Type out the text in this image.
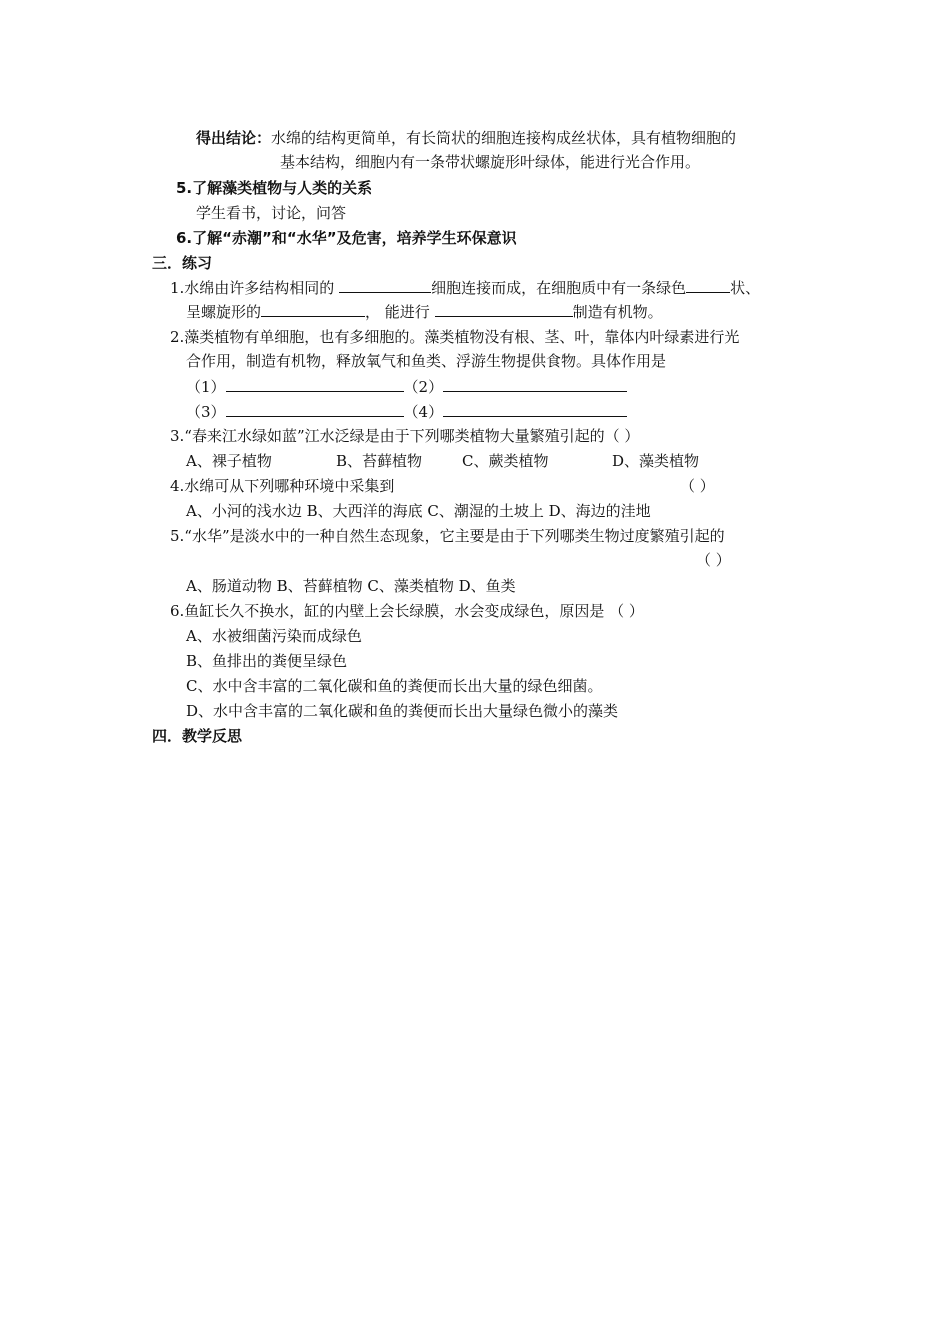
得出结论：水绵的结构更简单，有长筒状的细胞连接构成丝状体，具有植物细胞的
基本结构，细胞内有一条带状螺旋形叶绿体，能进行光合作用。
5.了解藻类植物与人类的关系
学生看书，讨论，问答
6.了解“赤潮”和“水华”及危害，培养学生环保意识
三．练习
1.水绵由许多结构相同的	细胞连接而成，在细胞质中有一条绿色	状、
呈螺旋形的	， 能进行	制造有机物。
2.藻类植物有单细胞，也有多细胞的。藻类植物没有根、茎、叶，靠体内叶绿素进行光
合作用，制造有机物，释放氧气和鱼类、浮游生物提供食物。具体作用是
（1）	（2）
（3）	（4）
3.“春来江水绿如蓝”江水泛绿是由于下列哪类植物大量繁殖引起的（ ）
A、裸子植物	B、苔藓植物	C、蕨类植物	D、藻类植物
4.水绵可从下列哪种环境中采集到	（ ）
A、小河的浅水边 B、大西洋的海底 C、潮湿的土坡上 D、海边的洼地
5.“水华”是淡水中的一种自然生态现象，它主要是由于下列哪类生物过度繁殖引起的
（ ）
A、肠道动物 B、苔藓植物 C、藻类植物 D、鱼类
6.鱼缸长久不换水，缸的内壁上会长绿膜，水会变成绿色，原因是 （ ）
A、水被细菌污染而成绿色
B、鱼排出的粪便呈绿色
C、水中含丰富的二氧化碳和鱼的粪便而长出大量的绿色细菌。
D、水中含丰富的二氧化碳和鱼的粪便而长出大量绿色微小的藻类
四．教学反思
